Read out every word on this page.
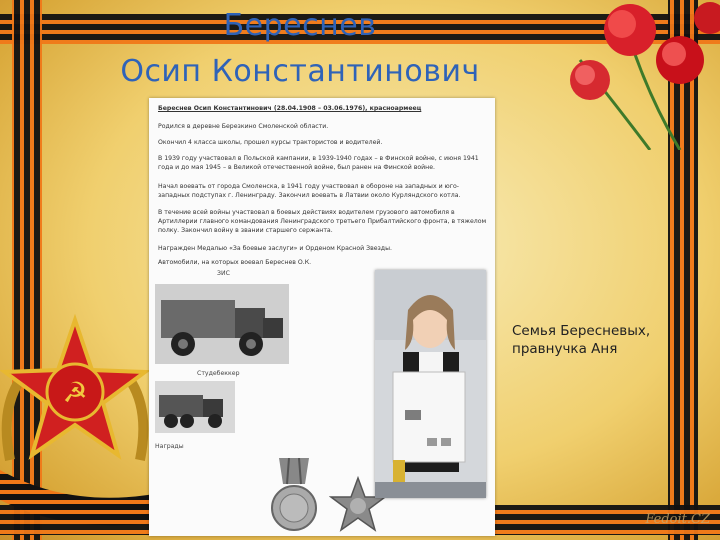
☭
Береснев
Осип Константинович

Береснев Осип Константинович (28.04.1908 – 03.06.1976), красноармеец

Родился в деревне Березкино Смоленской области.

Окончил 4 класса школы, прошел курсы трактористов и водителей.

В 1939 году участвовал в Польской кампании, в 1939-1940 годах – в Финской войне, с июня 1941 года и до мая 1945 – в Великой отечественной войне, был ранен на Финской войне.

Начал воевать от города Смоленска, в 1941 году участвовал в обороне на западных и юго-западных подступах г. Ленинграду. Закончил воевать в Латвии около Курляндского котла.

В течение всей войны участвовал в боевых действиях водителем грузового автомобиля в Артиллерии главного командования Ленинградского третьего Прибалтийского фронта, в тяжелом полку. Закончил войну в звании старшего сержанта.

Награжден Медалью «За боевые заслуги» и Орденом Красной Звезды.

Автомобили, на которых воевал Береснев О.К.

ЗИС
Студебеккер
Награды
Семья Бересневых,
правнучка Аня
Fedoit.CZ
